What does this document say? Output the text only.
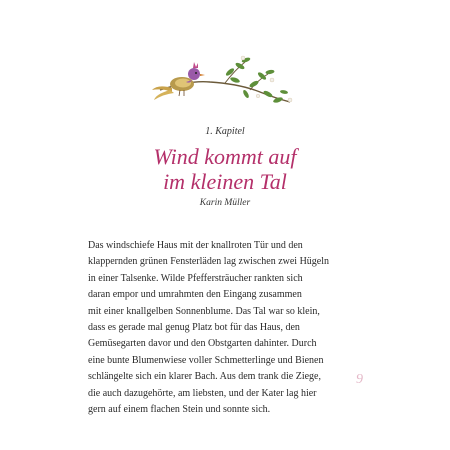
1. Kapitel
Wind kommt auf
im kleinen Tal
Karin Müller
Das windschiefe Haus mit der knallroten Tür und den
klappernden grünen Fensterläden lag zwischen zwei Hügeln
in einer Talsenke. Wilde Pfeffersträucher rankten sich
daran empor und umrahmten den Eingang zusammen
mit einer knallgelben Sonnenblume. Das Tal war so klein,
dass es gerade mal genug Platz bot für das Haus, den
Gemüsegarten davor und den Obstgarten dahinter. Durch
eine bunte Blumenwiese voller Schmetterlinge und Bienen
schlängelte sich ein klarer Bach. Aus dem trank die Ziege,
die auch dazugehörte, am liebsten, und der Kater lag hier
gern auf einem flachen Stein und sonnte sich.
9
